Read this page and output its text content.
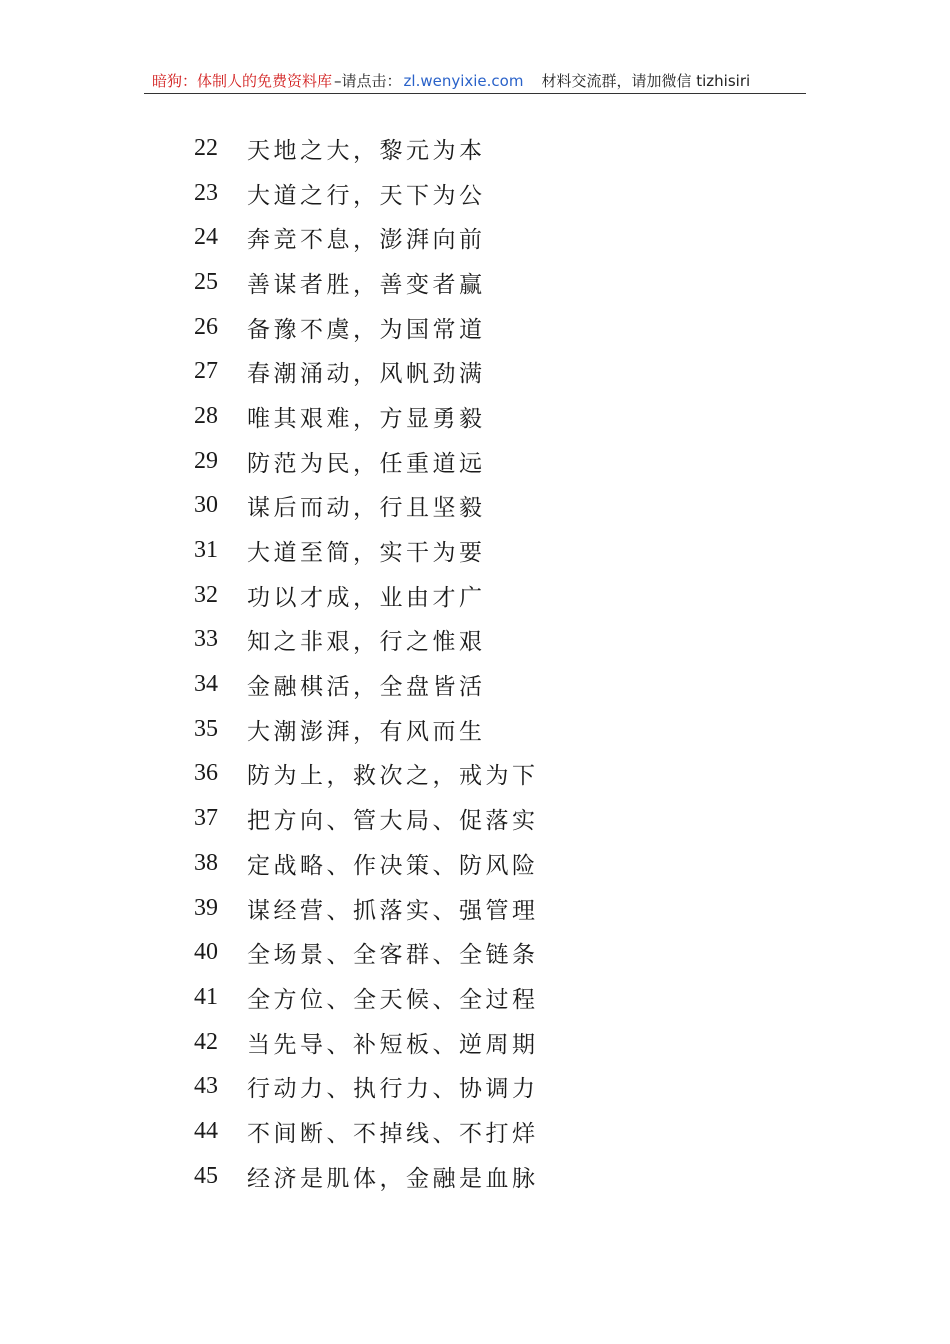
暗狗：体制人的免费资料库 –请点击： zl.wenyixie.com 材料交流群，请加微信 tizhisiri
22	天地之大，黎元为本
23	大道之行，天下为公
24	奔竞不息，澎湃向前
25	善谋者胜，善变者赢
26	备豫不虞，为国常道
27	春潮涌动，风帆劲满
28	唯其艰难，方显勇毅
29	防范为民，任重道远
30	谋后而动，行且坚毅
31	大道至简，实干为要
32	功以才成，业由才广
33	知之非艰，行之惟艰
34	金融棋活，全盘皆活
35	大潮澎湃，有风而生
36	防为上，救次之，戒为下
37	把方向、管大局、促落实
38	定战略、作决策、防风险
39	谋经营、抓落实、强管理
40	全场景、全客群、全链条
41	全方位、全天候、全过程
42	当先导、补短板、逆周期
43	行动力、执行力、协调力
44	不间断、不掉线、不打烊
45	经济是肌体，金融是血脉
